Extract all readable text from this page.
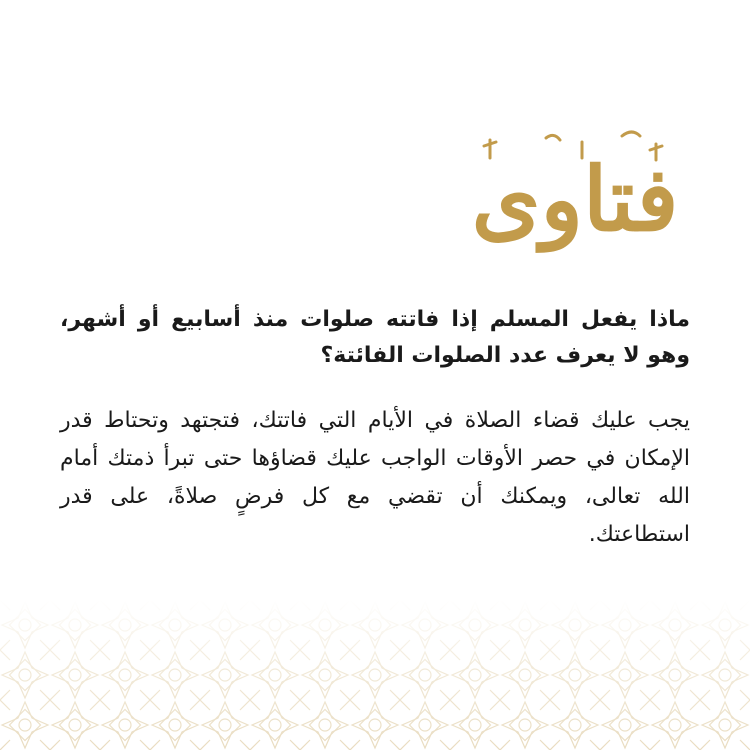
فتاوى

ماذا يفعل المسلم إذا فاتته صلوات منذ أسابيع أو أشهر، وهو لا يعرف عدد الصلوات الفائتة؟

يجب عليك قضاء الصلاة في الأيام التي فاتتك، فتجتهد وتحتاط قدر الإمكان في حصر الأوقات الواجب عليك قضاؤها حتى تبرأ ذمتك أمام الله تعالى، ويمكنك أن تقضي مع كل فرضٍ صلاةً، على قدر استطاعتك.
